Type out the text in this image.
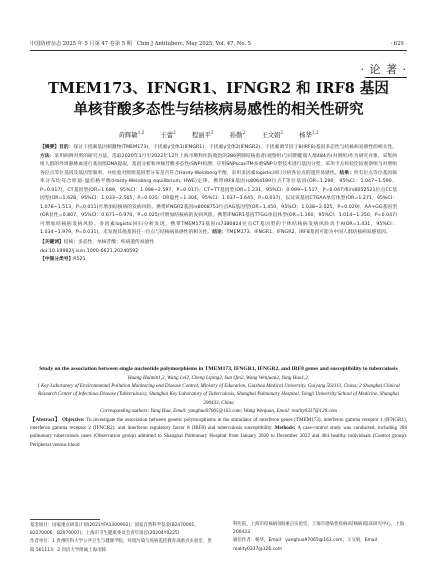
中国防痨杂志 2025 年 5 月第 47 卷第 5 期　Chin J Antituberc, May 2025, Vol. 47, No. 5	· 629 ·
· 论 著 ·
TMEM173、IFNGR1、IFNGR2 和 IRF8 基因
单核苷酸多态性与结核病易感性的相关性研究
黄辉敏$^{1,2}$	王蕾$^2$	程丽平$^2$	孙勤$^2$	王文娟$^2$	杨华$^{1,2}$

【摘要】目的：探讨干扰素基因刺激物(TMEM173)、干扰素γ受体1(IFNGR1)、干扰素γ受体2(IFNGR2)、干扰素调节因子8(IRF8)基因多态性与结核病易感性的相关性。方法：采用病例对照的研究方法，选取2020年1月至2022年12月上海市肺科医院收治的286例肺结核患者(观察组)与同期健康人群484名(对照组)作为研究对象，采集两组人群的外周静脉血进行基因组DNA提取，基因分析和单核苷酸多态性(SNP)检测；应用SNPscanTM多重SNP分型技术进行基因分型，采用卡方检验比较观察组与对照组各位点等位基因及基因型频率，并检验对照组基因型分布是否符合Hardy-Weinberg平衡，采用多因素logistic回归分析各位点的遗传易感性。结果：所有位点等位基因频率分布均符合哈迪-温伯格平衡(Hardy-Weinberg equilibrium, HWE)定律。携带IRF8基因rs8064189位点T等位基因(OR=1.290，95%CI：1.047~1.590，P=0.017)、CT基因型(OR=1.689，95%CI：1.098~2.597，P=0.017)、CT+TT基因型(OR=1.231，95%CI：0.999~1.517，P=0.047)和rs8052521位点CC基因型(OR=1.628，95%CI：1.033~2.565，P=0.035；OR隐性=1.304，95%CI：1.037~1.645，P=0.037)，以及该基因CTGAA单倍体型(OR=1.271，95%CI：1.078~1.513，P=0.011)可增加结核病的发病风险。携带IFNGR2基因rs8008753位点AG基因型(OR=1.450，95%CI：1.038~2.025，P=0.029)、AA+GG基因型(OR显性=0.807，95%CI：0.671~0.970，P=0.025)可增加结核病的发病风险。携带IFNGR1基因TTGG单倍体型(OR=1.160，95%CI：1.014~1.350，P=0.047)可增加结核病发病风险。多因素logistic回归分析发现，携带TMEM173基因rs7380824位点CT基因型的个体结核病发病风险高于A(OR=1.431，95%CI：1.034~1.979，P=0.031)，未发现其他基因任一位点与结核病易感性的相关性。结论：TMEM173、IFNGR1、IFNGR2、IRF8基因可能为中国人群结核病易感基因。

【关键词】结核；多态性，单核苷酸；疾病遗传易感性

doi:10.19982/j.issn.1000-6621.20240592

【中图分类号】R521

Study on the association between single nucleotide polymorphisms in TMEM173, IFNGR1, IFNGR2, and IRF8 genes and susceptibility to tuberculosis

Huang Huimin1,2, Wang Lei2, Cheng Liping2, Sun Qin2, Wang Wenjuan2, Yang Hua1,2.

1 Key Laboratory of Environmental Pollution Monitoring and Disease Control, Ministry of Education, Guizhou Medical University, Guiyang 561113, China; 2 Shanghai Clinical Research Center of Infectious Disease (Tuberculosis), Shanghai Key Laboratory of Tuberculosis, Shanghai Pulmonary Hospital, Tongji University School of Medicine, Shanghai 200433, China

Corresponding authors: Yang Hua, Email: yanghua97065@163.com; Wang Wenjuan, Email: reality0337@126.com

【Abstract】 Objective: To investigate the association between genetic polymorphisms in the stimulator of interferon genes (TMEM173), interferon gamma receptor 1 (IFNGR1), interferon gamma receptor 2 (IFNGR2), and interferon regulatory factor 8 (IRF8) and tuberculosis susceptibility. Methods: A case-control study was conducted, including 286 pulmonary tuberculosis cases (Observation group) admitted to Shanghai Pulmonary Hospital from January 2020 to December 2022 and 484 healthy individuals (Control group). Peripheral venous blood

基金项目：国家重点研发计划(2021YFA1300902)；国家自然科学基金(82470001，82270006，82070007)；上海市卫生健康委员会青年项目(20204Y0225)

作者单位：1 贵州医科大学公共卫生与健康学院，环境污染与疾病监控教育部重点实验室，贵阳 561113；2 同济大学附属上海市肺

科医院，上海市结核病(肺)重点实验室，上海市感染性疾病(结核病)临床研究中心，上海 200433

通信作者：杨华，Email：yanghua97065@163.com；王文娟，Email：reality0337@126.com
